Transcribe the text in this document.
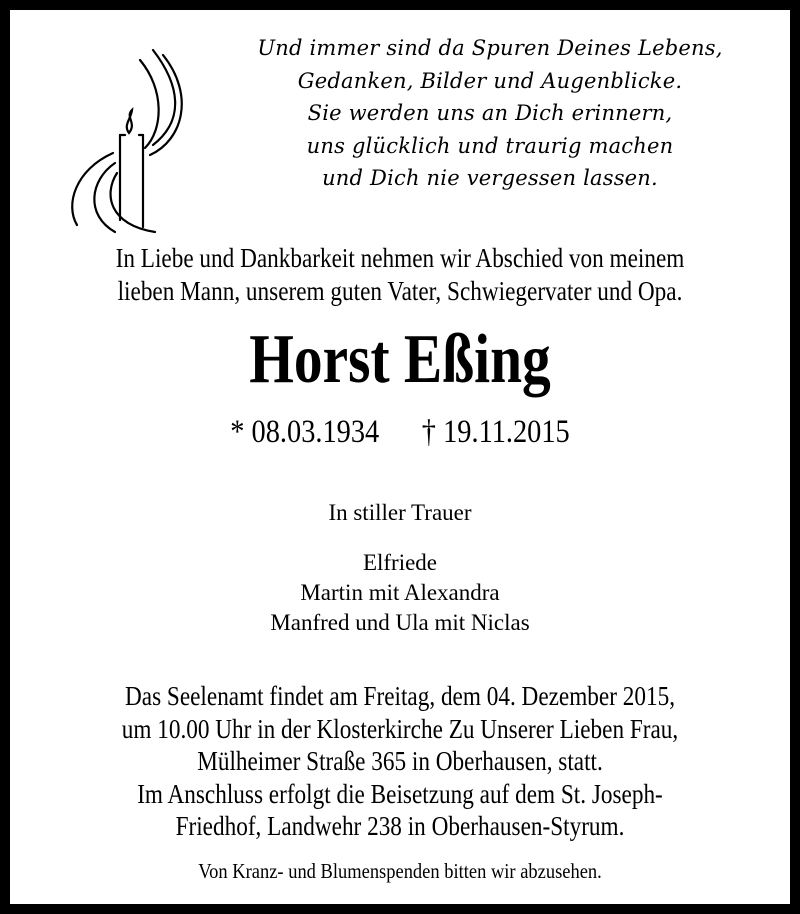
Und immer sind da Spuren Deines Lebens,
Gedanken, Bilder und Augenblicke.
Sie werden uns an Dich erinnern,
uns glücklich und traurig machen
und Dich nie vergessen lassen.
In Liebe und Dankbarkeit nehmen wir Abschied von meinem
lieben Mann, unserem guten Vater, Schwiegervater und Opa.
Horst Eßing
* 08.03.1934 † 19.11.2015
In stiller Trauer
Elfriede
Martin mit Alexandra
Manfred und Ula mit Niclas
Das Seelenamt findet am Freitag, dem 04. Dezember 2015,
um 10.00 Uhr in der Klosterkirche Zu Unserer Lieben Frau,
Mülheimer Straße 365 in Oberhausen, statt.
Im Anschluss erfolgt die Beisetzung auf dem St. Joseph-
Friedhof, Landwehr 238 in Oberhausen-Styrum.
Von Kranz- und Blumenspenden bitten wir abzusehen.
